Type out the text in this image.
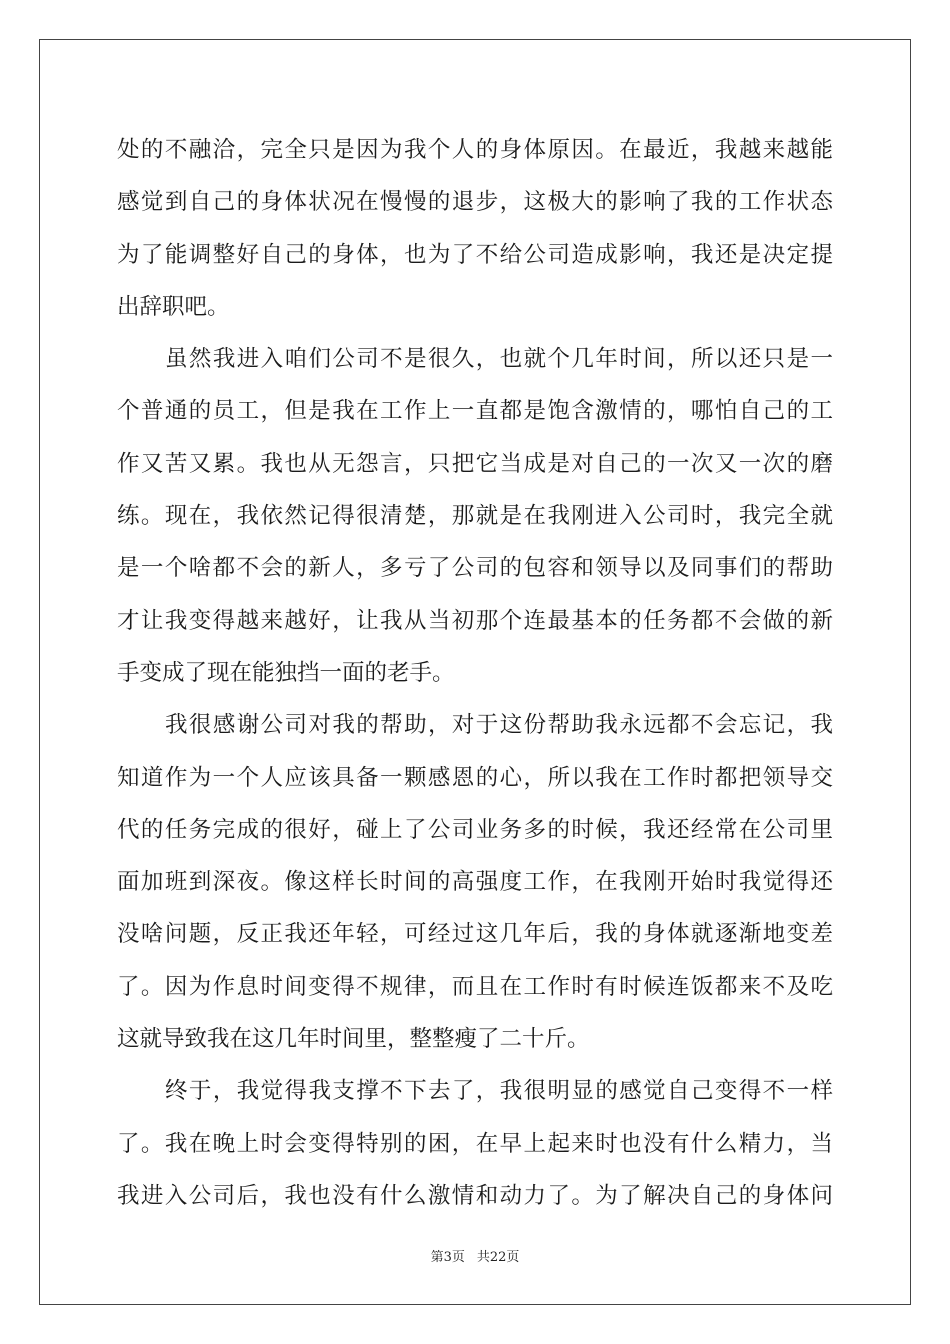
处的不融洽，完全只是因为我个人的身体原因。在最近，我越来越能
感觉到自己的身体状况在慢慢的退步，这极大的影响了我的工作状态
为了能调整好自己的身体，也为了不给公司造成影响，我还是决定提
出辞职吧。
虽然我进入咱们公司不是很久，也就个几年时间，所以还只是一
个普通的员工，但是我在工作上一直都是饱含激情的，哪怕自己的工
作又苦又累。我也从无怨言，只把它当成是对自己的一次又一次的磨
练。现在，我依然记得很清楚，那就是在我刚进入公司时，我完全就
是一个啥都不会的新人，多亏了公司的包容和领导以及同事们的帮助
才让我变得越来越好，让我从当初那个连最基本的任务都不会做的新
手变成了现在能独挡一面的老手。
我很感谢公司对我的帮助，对于这份帮助我永远都不会忘记，我
知道作为一个人应该具备一颗感恩的心，所以我在工作时都把领导交
代的任务完成的很好，碰上了公司业务多的时候，我还经常在公司里
面加班到深夜。像这样长时间的高强度工作，在我刚开始时我觉得还
没啥问题，反正我还年轻，可经过这几年后，我的身体就逐渐地变差
了。因为作息时间变得不规律，而且在工作时有时候连饭都来不及吃
这就导致我在这几年时间里，整整瘦了二十斤。
终于，我觉得我支撑不下去了，我很明显的感觉自己变得不一样
了。我在晚上时会变得特别的困，在早上起来时也没有什么精力，当
我进入公司后，我也没有什么激情和动力了。为了解决自己的身体问
第3页 共22页
